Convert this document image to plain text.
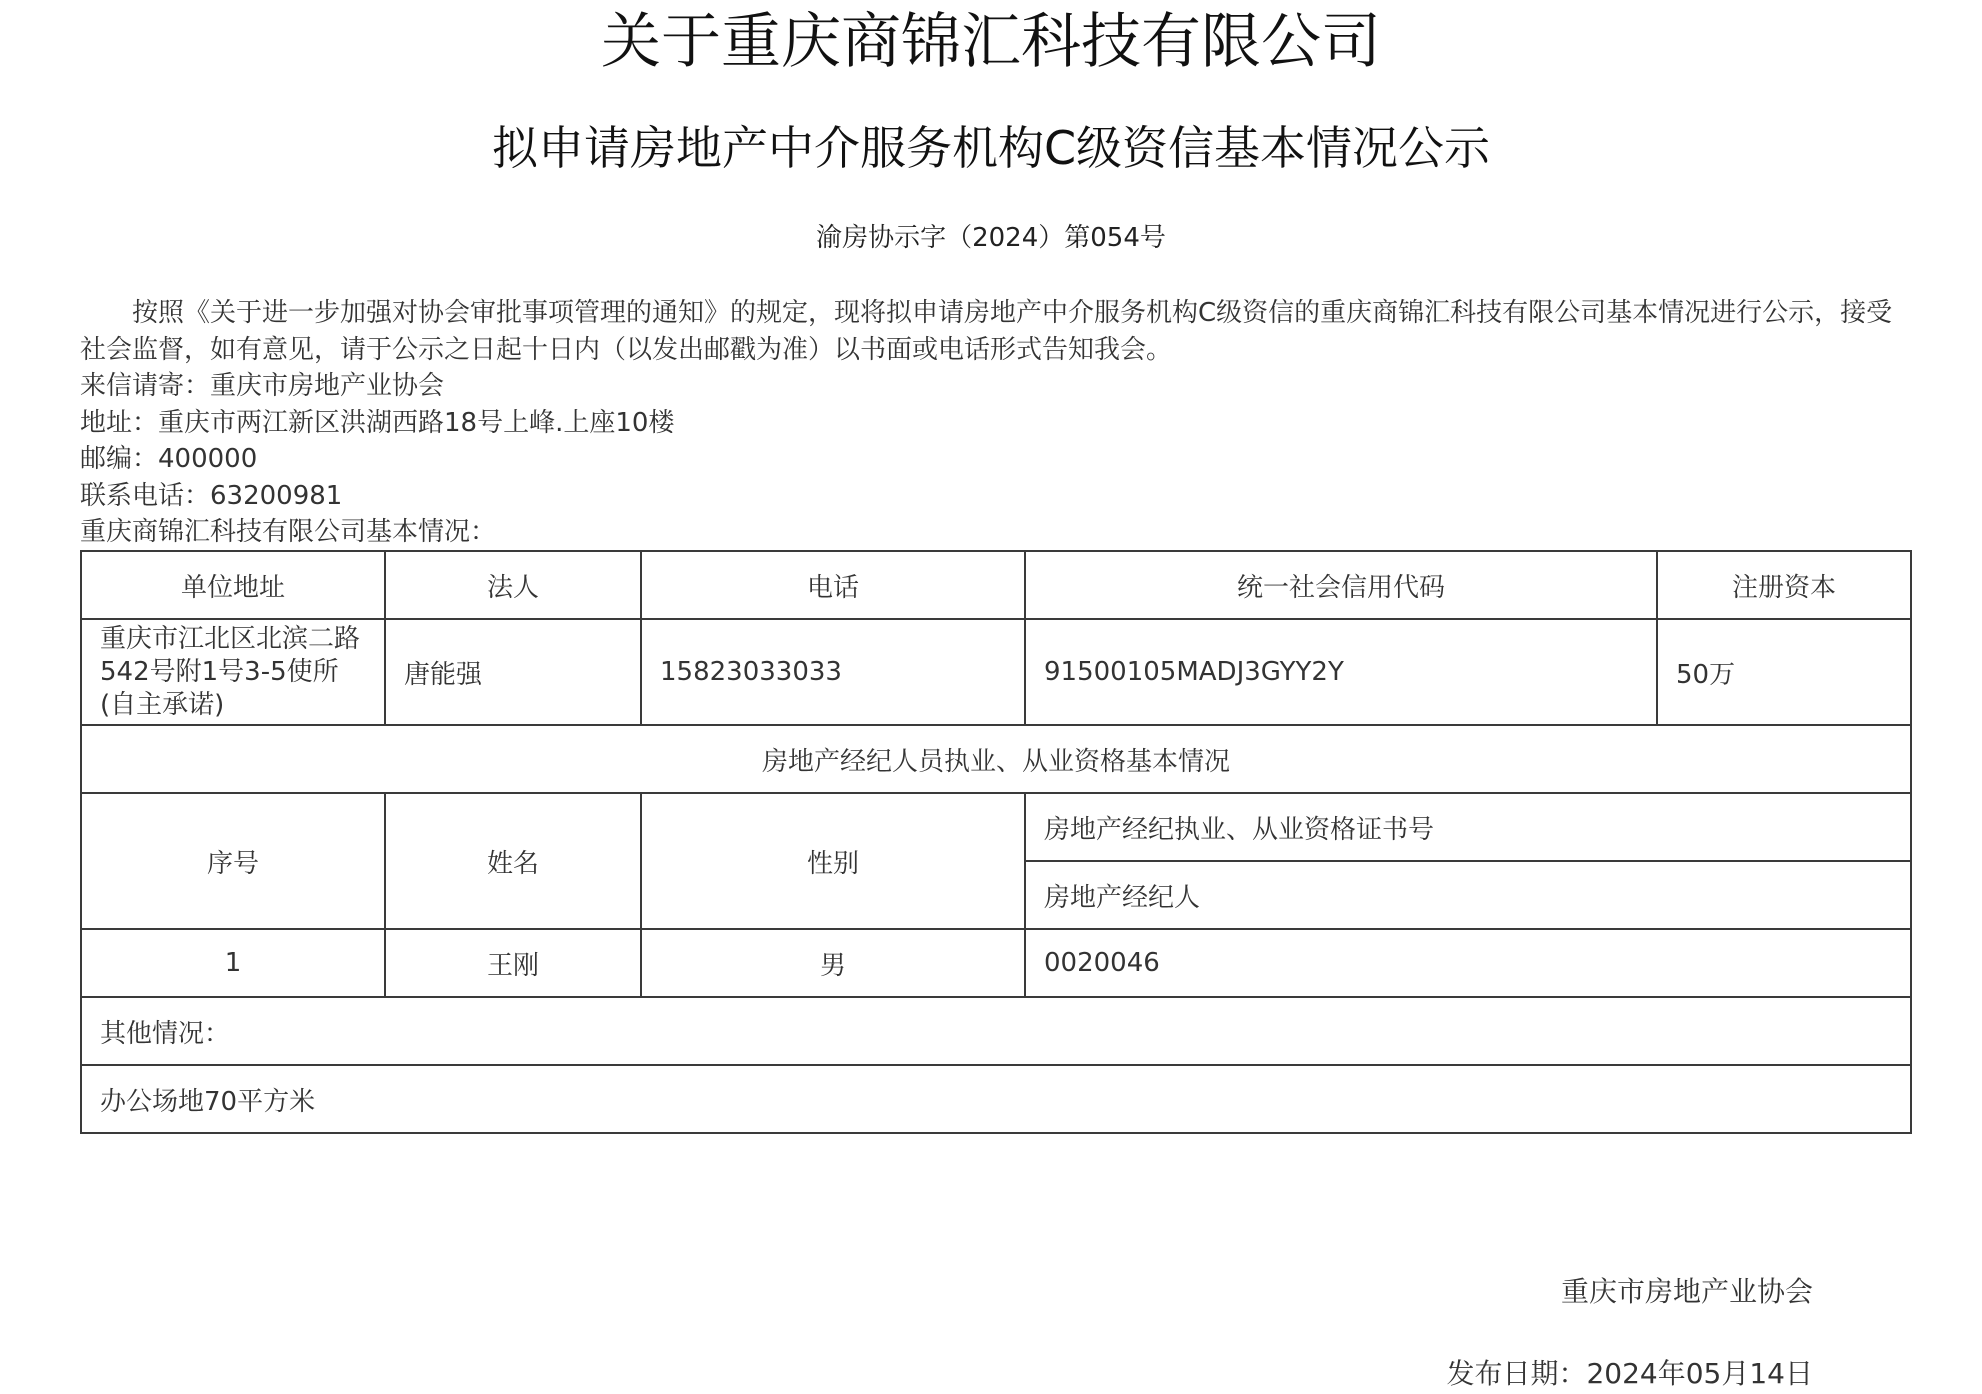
关于重庆商锦汇科技有限公司
拟申请房地产中介服务机构C级资信基本情况公示
渝房协示字（2024）第054号

按照《关于进一步加强对协会审批事项管理的通知》的规定，现将拟申请房地产中介服务机构C级资信的重庆商锦汇科技有限公司基本情况进行公示，接受社会监督，如有意见，请于公示之日起十日内（以发出邮戳为准）以书面或电话形式告知我会。

来信请寄：重庆市房地产业协会

地址：重庆市两江新区洪湖西路18号上峰.上座10楼

邮编：400000

联系电话：63200981

重庆商锦汇科技有限公司基本情况：

单位地址	法人	电话	统一社会信用代码	注册资本
重庆市江北区北滨二路542号附1号3-5使所(自主承诺)	唐能强	15823033033	91500105MADJ3GYY2Y	50万
房地产经纪人员执业、从业资格基本情况				
序号	姓名	性别	房地产经纪执业、从业资格证书号	
			房地产经纪人	
1	王刚	男	0020046	
其他情况：				
办公场地70平方米				
重庆市房地产业协会
发布日期：2024年05月14日
